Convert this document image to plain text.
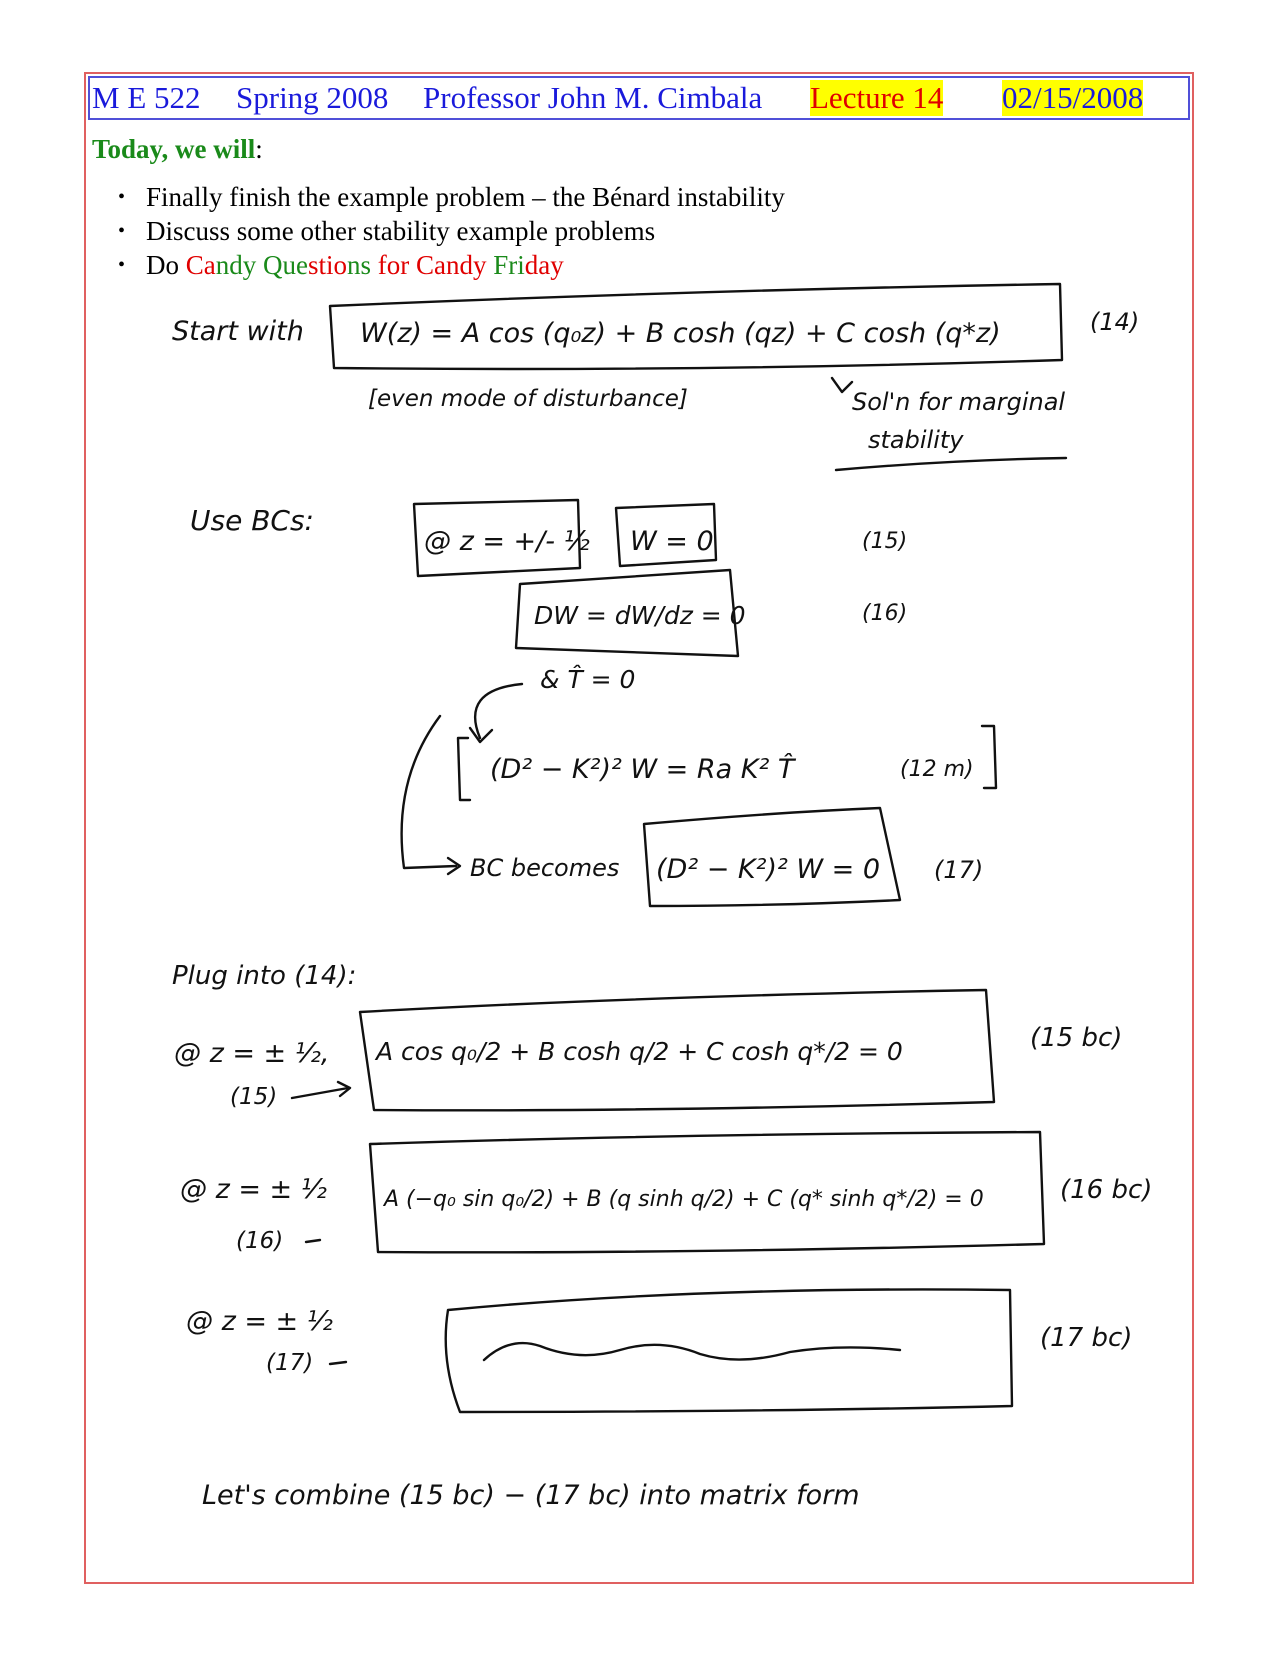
M E 522 Spring 2008 Professor John M. Cimbala Lecture 14 02/15/2008
Today, we will:
• Finally finish the example problem – the Bénard instability
• Discuss some other stability example problems
• Do Candy Questions for Candy Friday
Start with W(z) = A cos (q₀z) + B cosh (qz) + C cosh (q*z)	(14)
[even mode of disturbance]	Sol'n for marginal
stability
Use BCs:
@ z = +/- ½ W = 0	(15)
DW = dW/dz = 0	(16)
& T̂ = 0
(D² − K²)² W = Ra K² T̂	(12 m)
BC becomes (D² − K²)² W = 0 (17)
Plug into (14):
@ z = ± ½,
(15)
A cos q₀/2 + B cosh q/2 + C cosh q*/2 = 0	(15 bc)
@ z = ± ½
(16)
A (−q₀ sin q₀/2) + B (q sinh q/2) + C (q* sinh q*/2) = 0	(16 bc)
@ z = ± ½
(17)
(17 bc)
Let's combine (15 bc) − (17 bc) into matrix form
